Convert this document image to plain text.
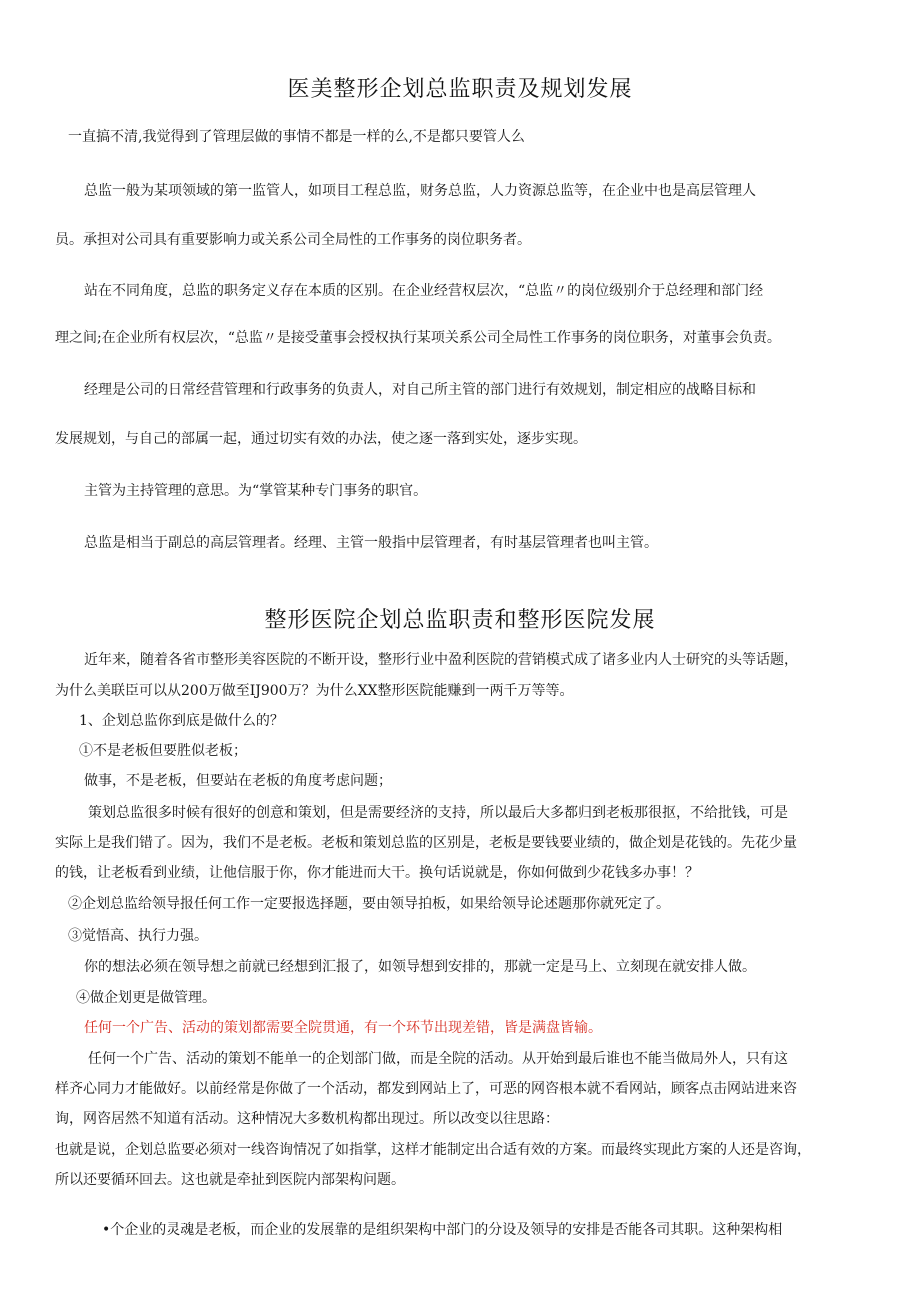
医美整形企划总监职责及规划发展
一直搞不清,我觉得到了管理层做的事情不都是一样的么,不是都只要管人么
总监一般为某项领域的第一监管人，如项目工程总监，财务总监，人力资源总监等，在企业中也是高层管理人
员。承担对公司具有重要影响力或关系公司全局性的工作事务的岗位职务者。
站在不同角度，总监的职务定义存在本质的区别。在企业经营权层次，“总监〃的岗位级别介于总经理和部门经
理之间;在企业所有权层次，“总监〃是接受董事会授权执行某项关系公司全局性工作事务的岗位职务，对董事会负责。
经理是公司的日常经营管理和行政事务的负责人，对自己所主管的部门进行有效规划，制定相应的战略目标和
发展规划，与自己的部属一起，通过切实有效的办法，使之逐一落到实处，逐步实现。
主管为主持管理的意思。为“掌管某种专门事务的职官。
总监是相当于副总的高层管理者。经理、主管一般指中层管理者，有时基层管理者也叫主管。
整形医院企划总监职责和整形医院发展
近年来，随着各省市整形美容医院的不断开设，整形行业中盈利医院的营销模式成了诸多业内人士研究的头等话题，
为什么美联臣可以从200万做至IJ900万？为什么XX整形医院能赚到一两千万等等。
1、企划总监你到底是做什么的？
①不是老板但要胜似老板；
做事，不是老板，但要站在老板的角度考虑问题；
策划总监很多时候有很好的创意和策划，但是需要经济的支持，所以最后大多都归到老板那很抠，不给批钱，可是
实际上是我们错了。因为，我们不是老板。老板和策划总监的区别是，老板是要钱要业绩的，做企划是花钱的。先花少量
的钱，让老板看到业绩，让他信服于你，你才能进而大干。换句话说就是，你如何做到少花钱多办事！？
②企划总监给领导报任何工作一定要报选择题，要由领导拍板，如果给领导论述题那你就死定了。
③觉悟高、执行力强。
你的想法必须在领导想之前就已经想到汇报了，如领导想到安排的，那就一定是马上、立刻现在就安排人做。
④做企划更是做管理。
任何一个广告、活动的策划都需要全院贯通，有一个环节出现差错，皆是满盘皆输。
任何一个广告、活动的策划不能单一的企划部门做，而是全院的活动。从开始到最后谁也不能当做局外人，只有这
样齐心同力才能做好。以前经常是你做了一个活动，都发到网站上了，可恶的网咨根本就不看网站，顾客点击网站进来咨
询，网咨居然不知道有活动。这种情况大多数机构都出现过。所以改变以往思路：
也就是说，企划总监要必须对一线咨询情况了如指掌，这样才能制定出合适有效的方案。而最终实现此方案的人还是咨询，
所以还要循环回去。这也就是牵扯到医院内部架构问题。
•个企业的灵魂是老板，而企业的发展靠的是组织架构中部门的分设及领导的安排是否能各司其职。这种架构相
